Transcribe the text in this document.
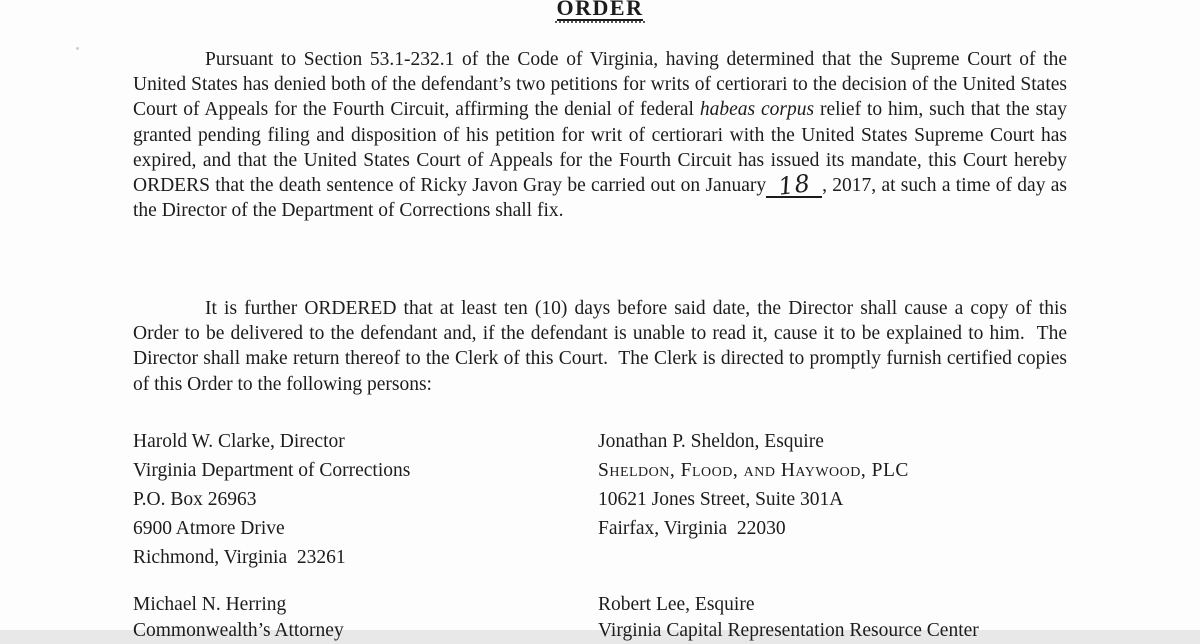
ORDER

Pursuant to Section 53.1-232.1 of the Code of Virginia, having determined that the Supreme Court of the United States has denied both of the defendant’s two petitions for writs of certiorari to the decision of the United States Court of Appeals for the Fourth Circuit, affirming the denial of federal habeas corpus relief to him, such that the stay granted pending filing and disposition of his petition for writ of certiorari with the United States Supreme Court has expired, and that the United States Court of Appeals for the Fourth Circuit has issued its mandate, this Court hereby ORDERS that the death sentence of Ricky Javon Gray be carried out on January 18 , 2017, at such a time of day as the Director of the Department of Corrections shall fix.

It is further ORDERED that at least ten (10) days before said date, the Director shall cause a copy of this Order to be delivered to the defendant and, if the defendant is unable to read it, cause it to be explained to him.  The Director shall make return thereof to the Clerk of this Court.  The Clerk is directed to promptly furnish certified copies of this Order to the following persons:

Harold W. Clarke, Director
Virginia Department of Corrections
P.O. Box 26963
6900 Atmore Drive
Richmond, Virginia  23261
Jonathan P. Sheldon, Esquire
Sheldon, Flood, and Haywood, PLC
10621 Jones Street, Suite 301A
Fairfax, Virginia  22030
Michael N. Herring
Commonwealth’s Attorney
Robert Lee, Esquire
Virginia Capital Representation Resource Center
